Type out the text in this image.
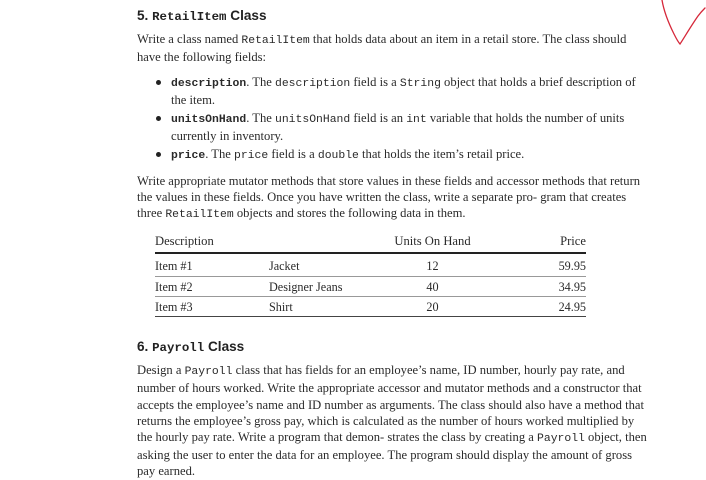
5. RetailItem Class

Write a class named RetailItem that holds data about an item in a retail store. The class should have the following fields:

description. The description field is a String object that holds a brief description of the item.
unitsOnHand. The unitsOnHand field is an int variable that holds the number of units currently in inventory.
price. The price field is a double that holds the item’s retail price.

Write appropriate mutator methods that store values in these fields and accessor methods that return the values in these fields. Once you have written the class, write a separate pro- gram that creates three RetailItem objects and stores the following data in them.

Description		Units On Hand	Price
Item #1	Jacket	12	59.95
Item #2	Designer Jeans	40	34.95
Item #3	Shirt	20	24.95
6. Payroll Class

Design a Payroll class that has fields for an employee’s name, ID number, hourly pay rate, and number of hours worked. Write the appropriate accessor and mutator methods and a constructor that accepts the employee’s name and ID number as arguments. The class should also have a method that returns the employee’s gross pay, which is calculated as the number of hours worked multiplied by the hourly pay rate. Write a program that demon- strates the class by creating a Payroll object, then asking the user to enter the data for an employee. The program should display the amount of gross pay earned.
